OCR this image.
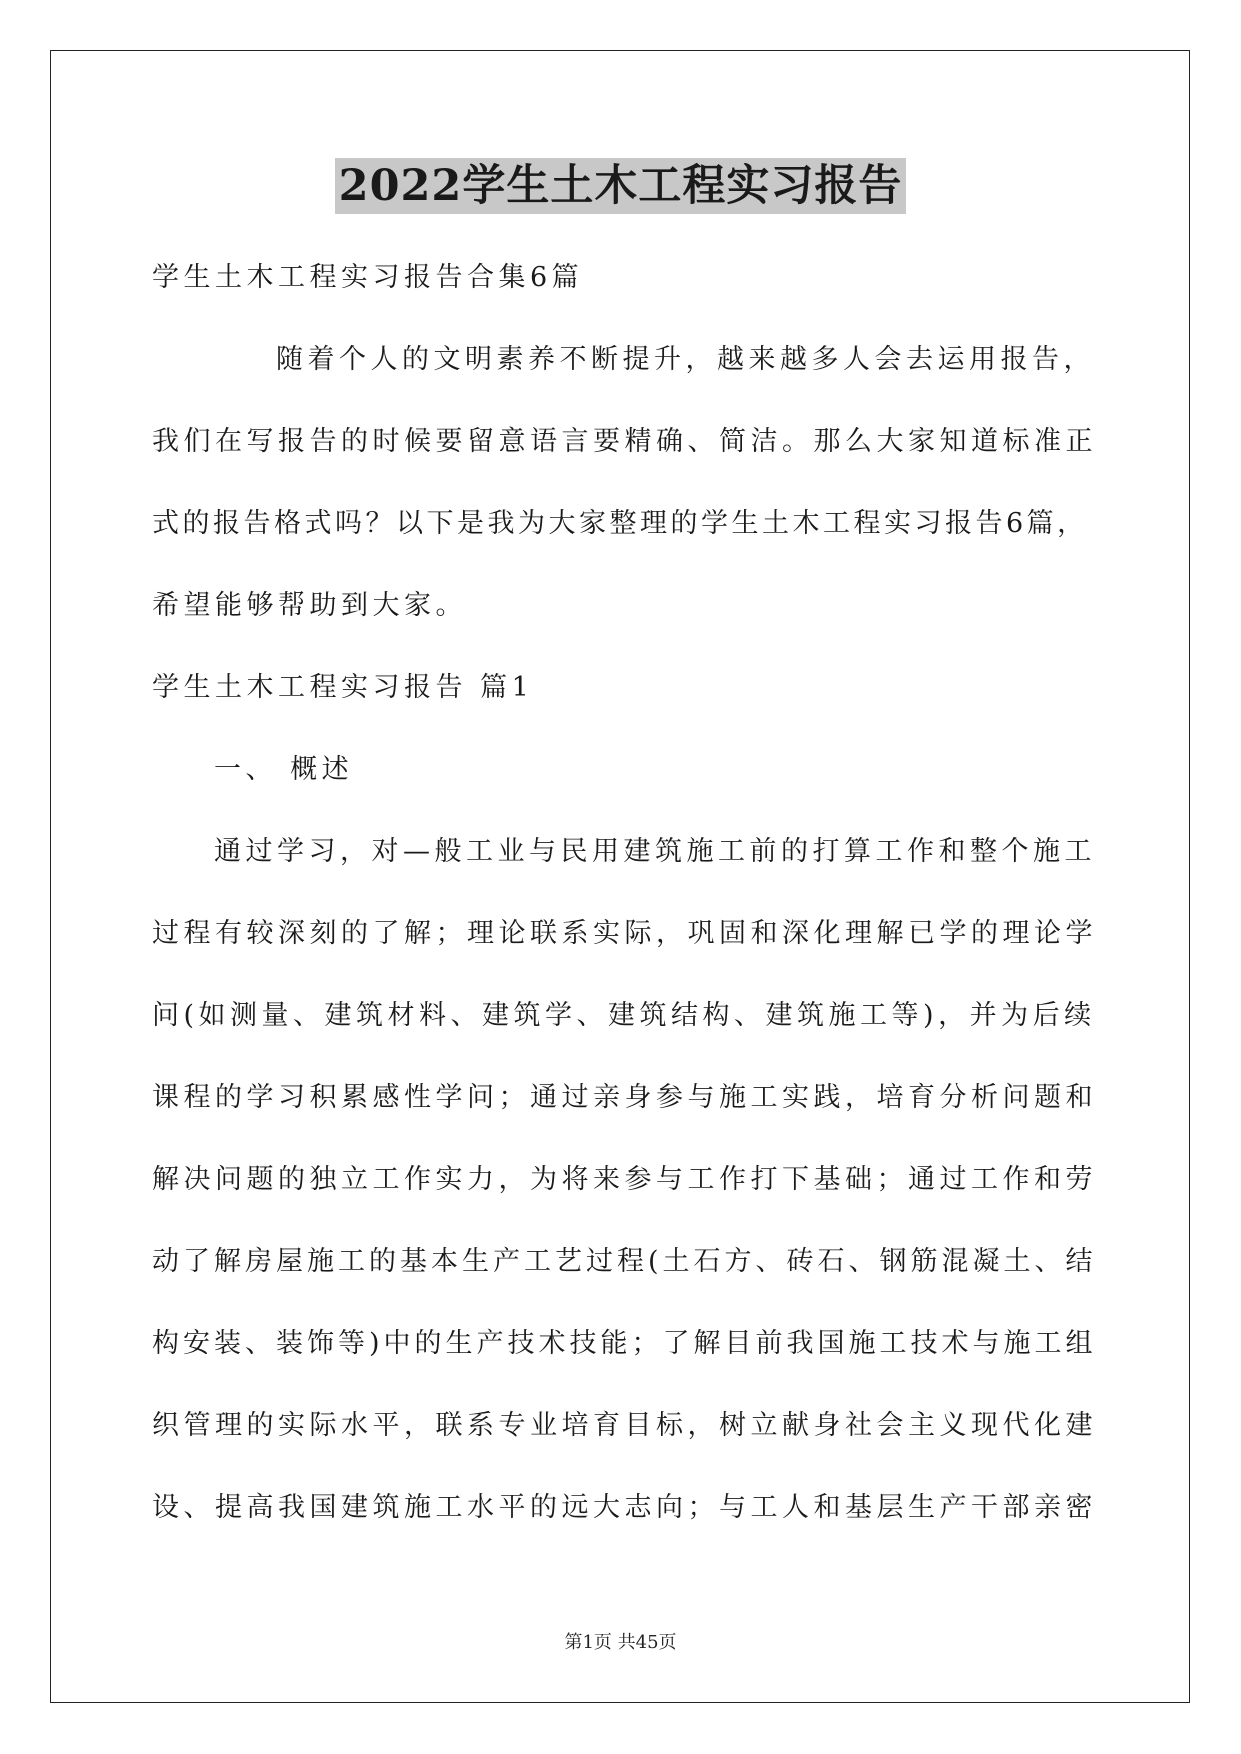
2022学生土木工程实习报告
学生土木工程实习报告合集6篇
随着个人的文明素养不断提升，越来越多人会去运用报告，
我们在写报告的时候要留意语言要精确、简洁。那么大家知道标准正
式的报告格式吗？以下是我为大家整理的学生土木工程实习报告6篇，
希望能够帮助到大家。
学生土木工程实习报告 篇1
一、 概述
通过学习，对—般工业与民用建筑施工前的打算工作和整个施工
过程有较深刻的了解；理论联系实际，巩固和深化理解已学的理论学
问(如测量、建筑材料、建筑学、建筑结构、建筑施工等)，并为后续
课程的学习积累感性学问；通过亲身参与施工实践，培育分析问题和
解决问题的独立工作实力，为将来参与工作打下基础；通过工作和劳
动了解房屋施工的基本生产工艺过程(土石方、砖石、钢筋混凝土、结
构安装、装饰等)中的生产技术技能；了解目前我国施工技术与施工组
织管理的实际水平，联系专业培育目标，树立献身社会主义现代化建
设、提高我国建筑施工水平的远大志向；与工人和基层生产干部亲密
第1页 共45页
